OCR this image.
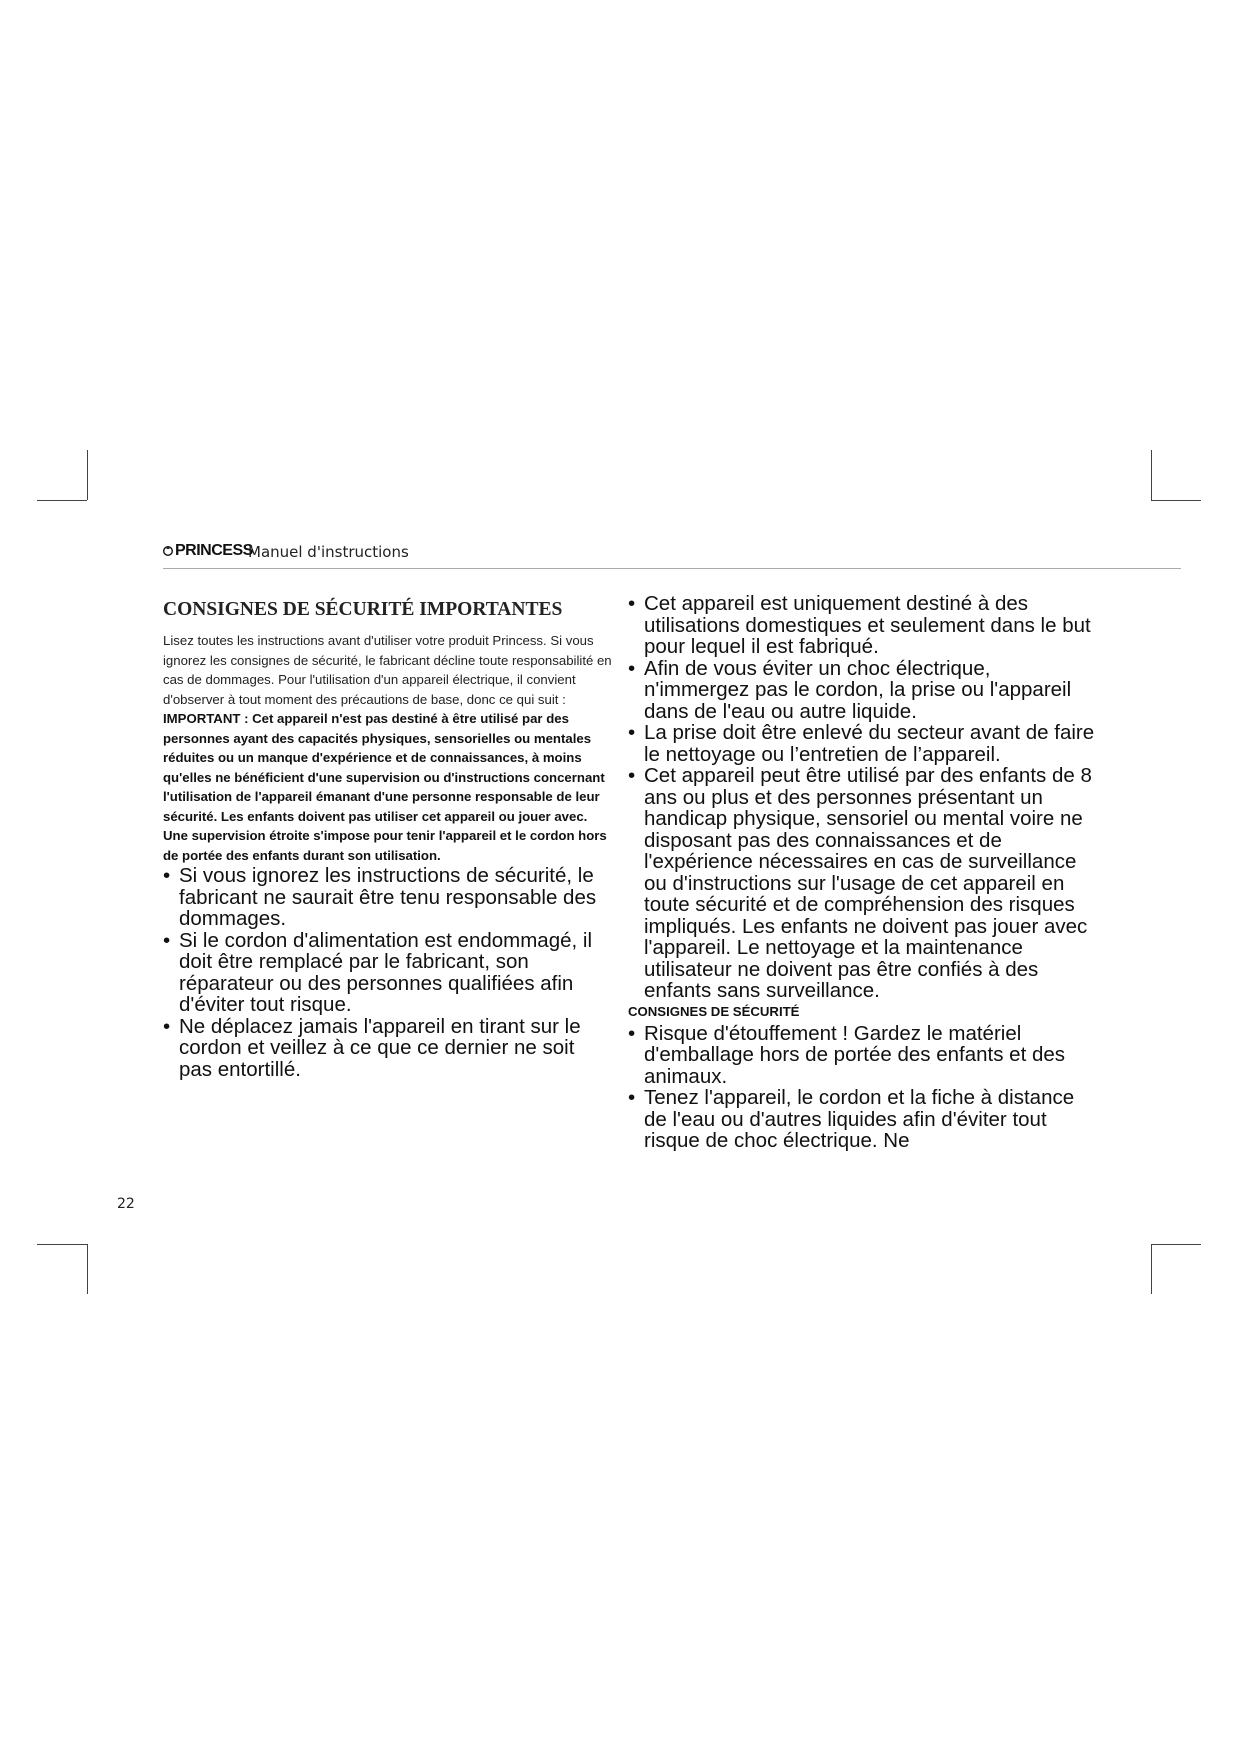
PRINCESS
Manuel d'instructions
CONSIGNES DE SÉCURITÉ IMPORTANTES

Lisez toutes les instructions avant d'utiliser votre produit Princess. Si vous ignorez les consignes de sécurité, le fabricant décline toute responsabilité en cas de dommages. Pour l'utilisation d'un appareil électrique, il convient d'observer à tout moment des précautions de base, donc ce qui suit :

IMPORTANT : Cet appareil n'est pas destiné à être utilisé par des personnes ayant des capacités physiques, sensorielles ou mentales réduites ou un manque d'expérience et de connaissances, à moins qu'elles ne bénéficient d'une supervision ou d'instructions concernant l'utilisation de l'appareil émanant d'une personne responsable de leur sécurité. Les enfants doivent pas utiliser cet appareil ou jouer avec. Une supervision étroite s'impose pour tenir l'appareil et le cordon hors de portée des enfants durant son utilisation.

• Si vous ignorez les instructions de sécurité, le fabricant ne saurait être tenu responsable des dommages.
• Si le cordon d'alimentation est endommagé, il doit être remplacé par le fabricant, son réparateur ou des personnes qualifiées afin d'éviter tout risque.
• Ne déplacez jamais l'appareil en tirant sur le cordon et veillez à ce que ce dernier ne soit pas entortillé.
• Cet appareil est uniquement destiné à des utilisations domestiques et seulement dans le but pour lequel il est fabriqué.
• Afin de vous éviter un choc électrique, n'immergez pas le cordon, la prise ou l'appareil dans de l'eau ou autre liquide.
• La prise doit être enlevé du secteur avant de faire le nettoyage ou l’entretien de l’appareil.
• Cet appareil peut être utilisé par des enfants de 8 ans ou plus et des personnes présentant un handicap physique, sensoriel ou mental voire ne disposant pas des connaissances et de l'expérience nécessaires en cas de surveillance ou d'instructions sur l'usage de cet appareil en toute sécurité et de compréhension des risques impliqués. Les enfants ne doivent pas jouer avec l'appareil. Le nettoyage et la maintenance utilisateur ne doivent pas être confiés à des enfants sans surveillance.
CONSIGNES DE SÉCURITÉ
• Risque d'étouffement ! Gardez le matériel d'emballage hors de portée des enfants et des animaux.
• Tenez l'appareil, le cordon et la fiche à distance de l'eau ou d'autres liquides afin d'éviter tout risque de choc électrique. Ne
22
